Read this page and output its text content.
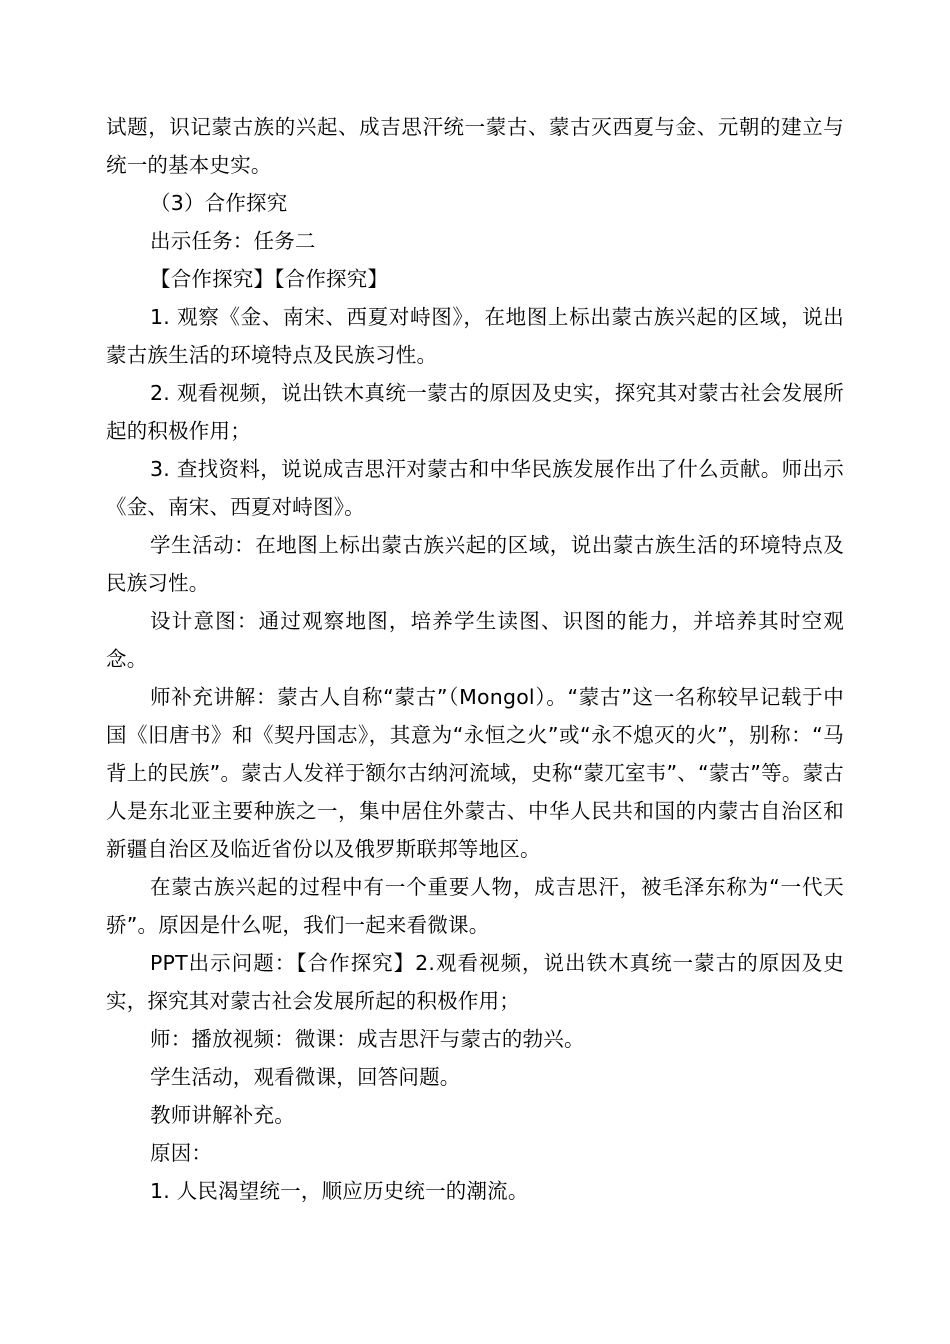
试题，识记蒙古族的兴起、成吉思汗统一蒙古、蒙古灭西夏与金、元朝的建立与统一的基本史实。

（3）合作探究

出示任务：任务二

【合作探究】【合作探究】

1. 观察《金、南宋、西夏对峙图》，在地图上标出蒙古族兴起的区域，说出蒙古族生活的环境特点及民族习性。

2. 观看视频，说出铁木真统一蒙古的原因及史实，探究其对蒙古社会发展所起的积极作用；

3. 查找资料，说说成吉思汗对蒙古和中华民族发展作出了什么贡献。师出示《金、南宋、西夏对峙图》。

学生活动：在地图上标出蒙古族兴起的区域，说出蒙古族生活的环境特点及民族习性。

设计意图：通过观察地图，培养学生读图、识图的能力，并培养其时空观念。

师补充讲解：蒙古人自称“蒙古”（Mongol）。“蒙古”这一名称较早记载于中国《旧唐书》和《契丹国志》，其意为“永恒之火”或“永不熄灭的火”，别称：“马背上的民族”。蒙古人发祥于额尔古纳河流域，史称“蒙兀室韦”、“蒙古”等。蒙古人是东北亚主要种族之一，集中居住外蒙古、中华人民共和国的内蒙古自治区和新疆自治区及临近省份以及俄罗斯联邦等地区。

在蒙古族兴起的过程中有一个重要人物，成吉思汗，被毛泽东称为“一代天骄”。原因是什么呢，我们一起来看微课。

PPT出示问题：【合作探究】2.观看视频，说出铁木真统一蒙古的原因及史实，探究其对蒙古社会发展所起的积极作用；

师：播放视频：微课：成吉思汗与蒙古的勃兴。

学生活动，观看微课，回答问题。

教师讲解补充。

原因：

1. 人民渴望统一，顺应历史统一的潮流。
